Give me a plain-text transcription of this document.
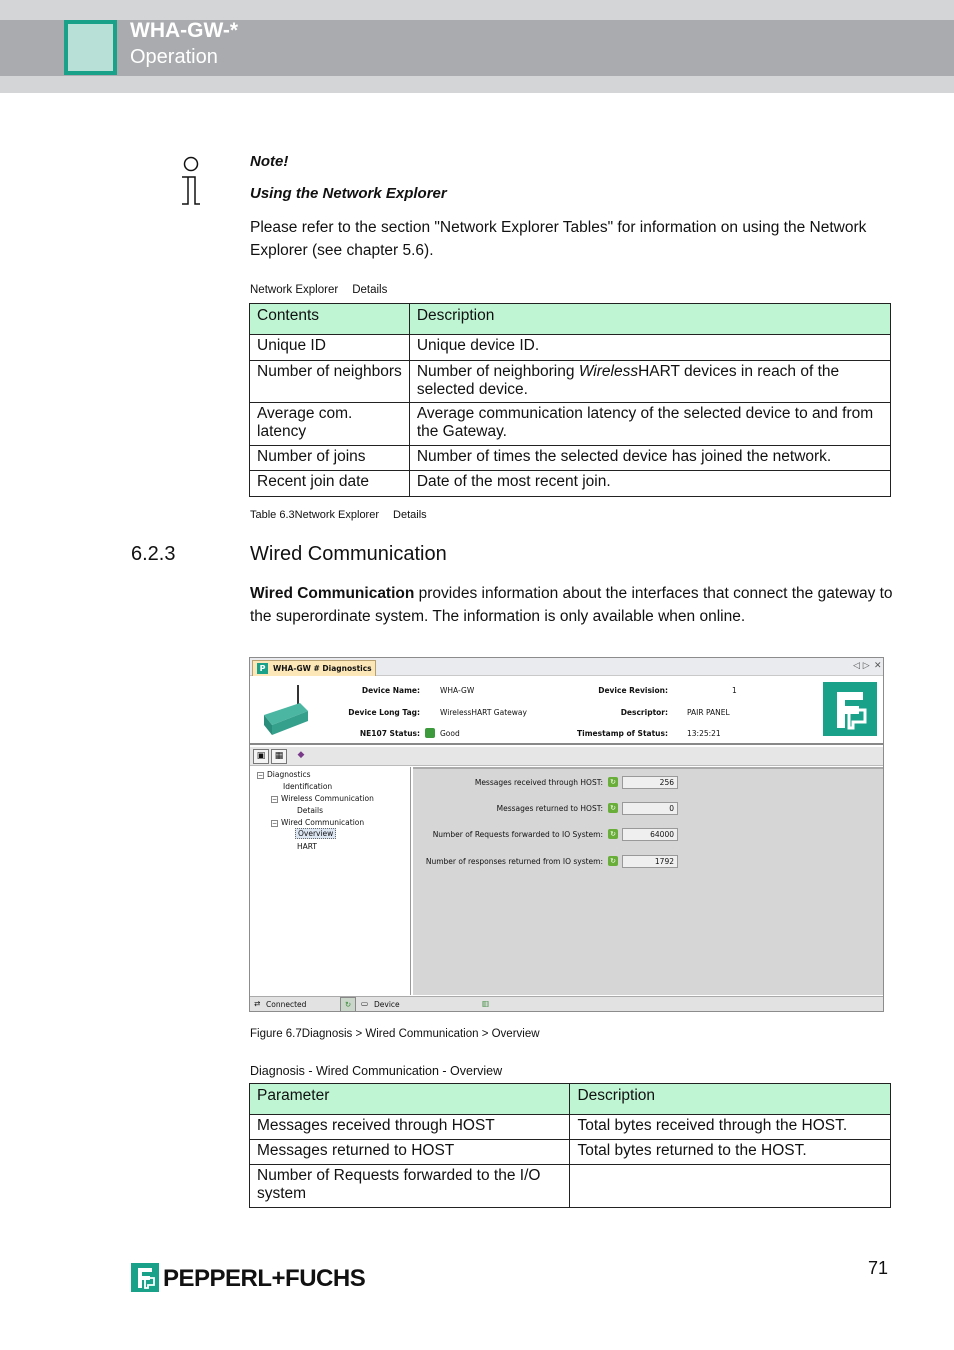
WHA-GW-*
Operation
Note!
Using the Network Explorer
Please refer to the section "Network Explorer Tables" for information on using the Network Explorer (see chapter 5.6).
Network Explorer Details
Contents	Description
Unique ID	Unique device ID.
Number of neighbors	Number of neighboring WirelessHART devices in reach of the selected device.
Average com. latency	Average communication latency of the selected device to and from the Gateway.
Number of joins	Number of times the selected device has joined the network.
Recent join date	Date of the most recent join.
Table 6.3Network Explorer Details
6.2.3	Wired Communication
Wired Communication provides information about the interfaces that connect the gateway to the superordinate system. The information is only available when online.
P	WHA-GW # Diagnostics	◁ ▷ ✕
Device Name:	WHA-GW
Device Long Tag:	WirelessHART Gateway
NE107 Status:	Good
Device Revision:	1
Descriptor:	PAIR PANEL
Timestamp of Status:	13:25:21
▣	▦	◆
− Diagnostics
Identification
− Wireless Communication
Details
− Wired Communication
Overview
HART
Messages received through HOST: ↻	256
Messages returned to HOST: ↻	0
Number of Requests forwarded to IO System: ↻	64000
Number of responses returned from IO system: ↻	1792
⇄ Connected	↻	▭ Device	▥
Figure 6.7Diagnosis > Wired Communication > Overview
Diagnosis - Wired Communication - Overview
Parameter	Description
Messages received through HOST	Total bytes received through the HOST.
Messages returned to HOST	Total bytes returned to the HOST.
Number of Requests forwarded to the I/O system	
PEPPERL+FUCHS	71
